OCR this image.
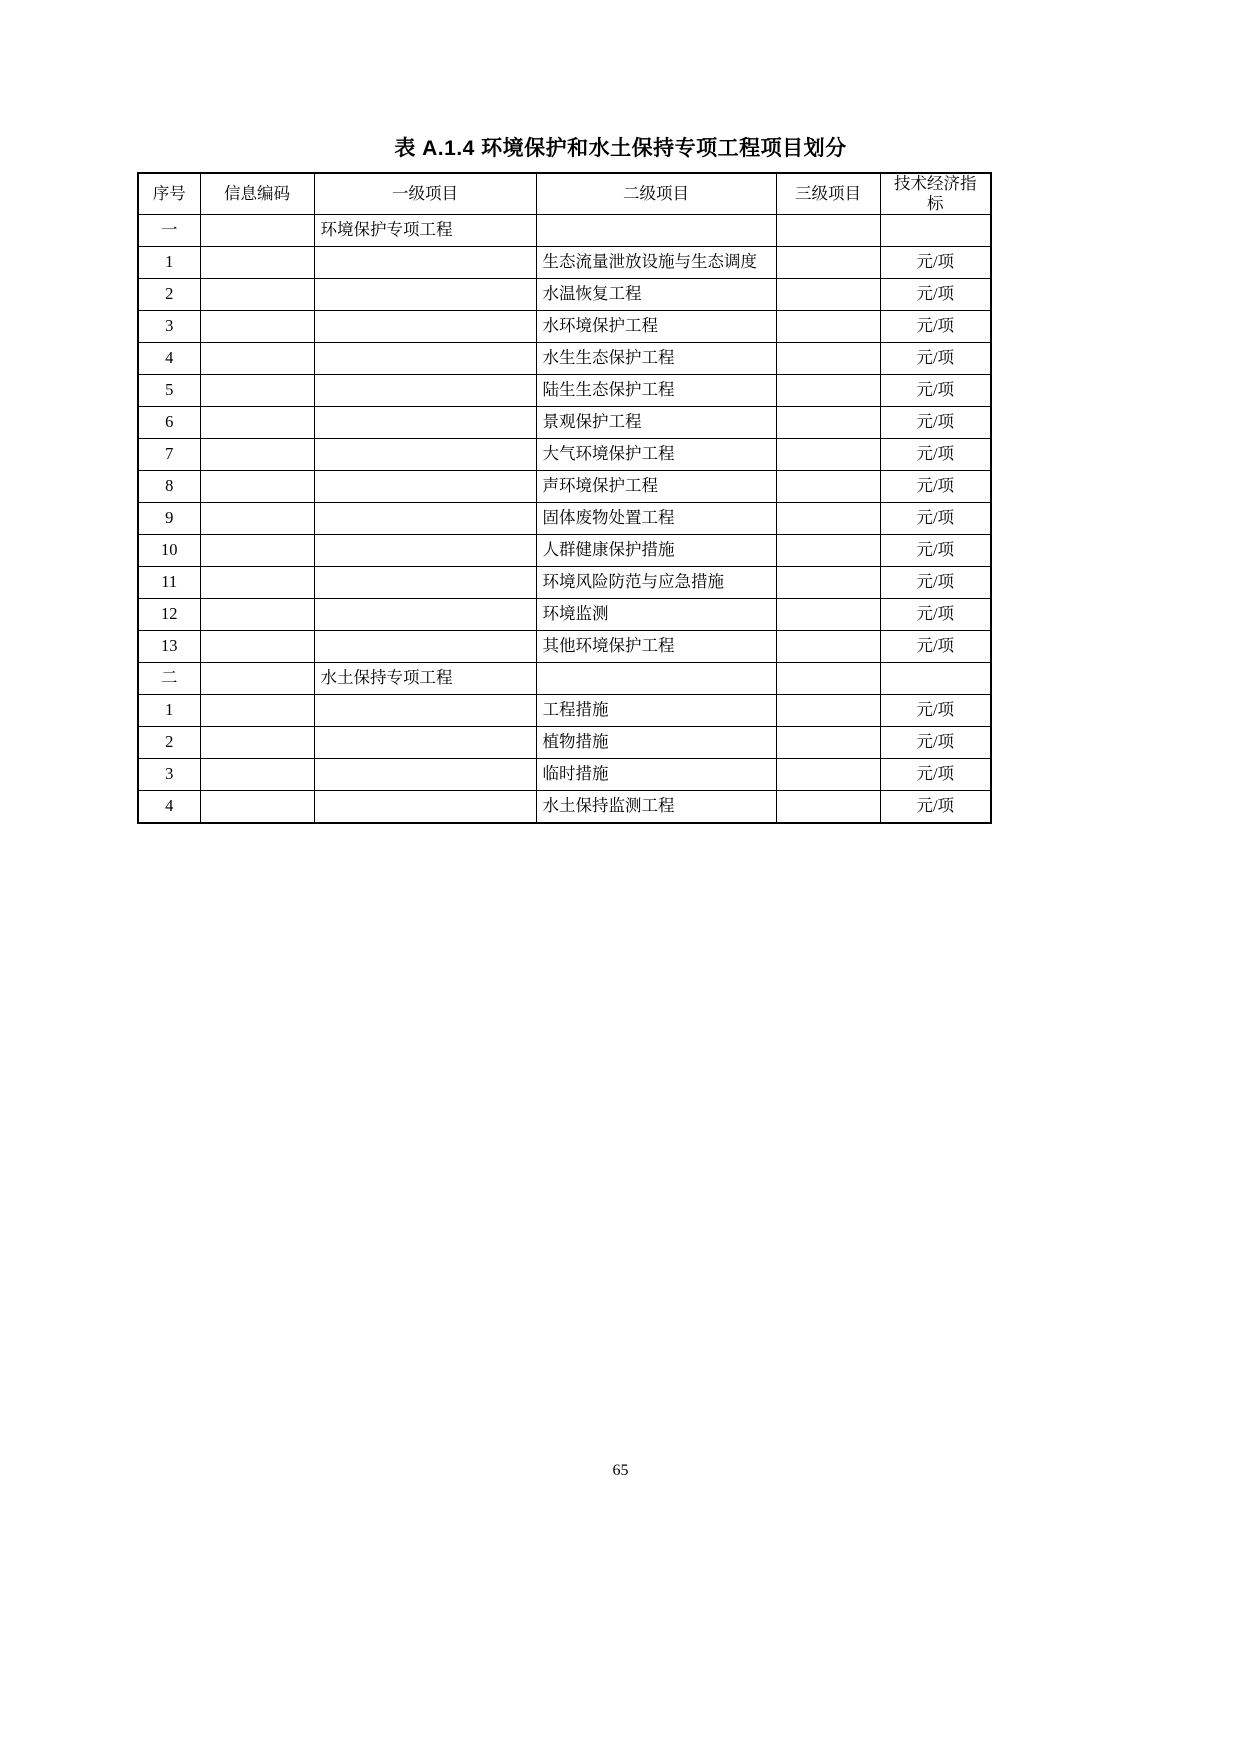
表 A.1.4 环境保护和水土保持专项工程项目划分
序号	信息编码	一级项目	二级项目	三级项目	技术经济指标
一		环境保护专项工程			
1			生态流量泄放设施与生态调度		元/项
2			水温恢复工程		元/项
3			水环境保护工程		元/项
4			水生生态保护工程		元/项
5			陆生生态保护工程		元/项
6			景观保护工程		元/项
7			大气环境保护工程		元/项
8			声环境保护工程		元/项
9			固体废物处置工程		元/项
10			人群健康保护措施		元/项
11			环境风险防范与应急措施		元/项
12			环境监测		元/项
13			其他环境保护工程		元/项
二		水土保持专项工程			
1			工程措施		元/项
2			植物措施		元/项
3			临时措施		元/项
4			水土保持监测工程		元/项
65
